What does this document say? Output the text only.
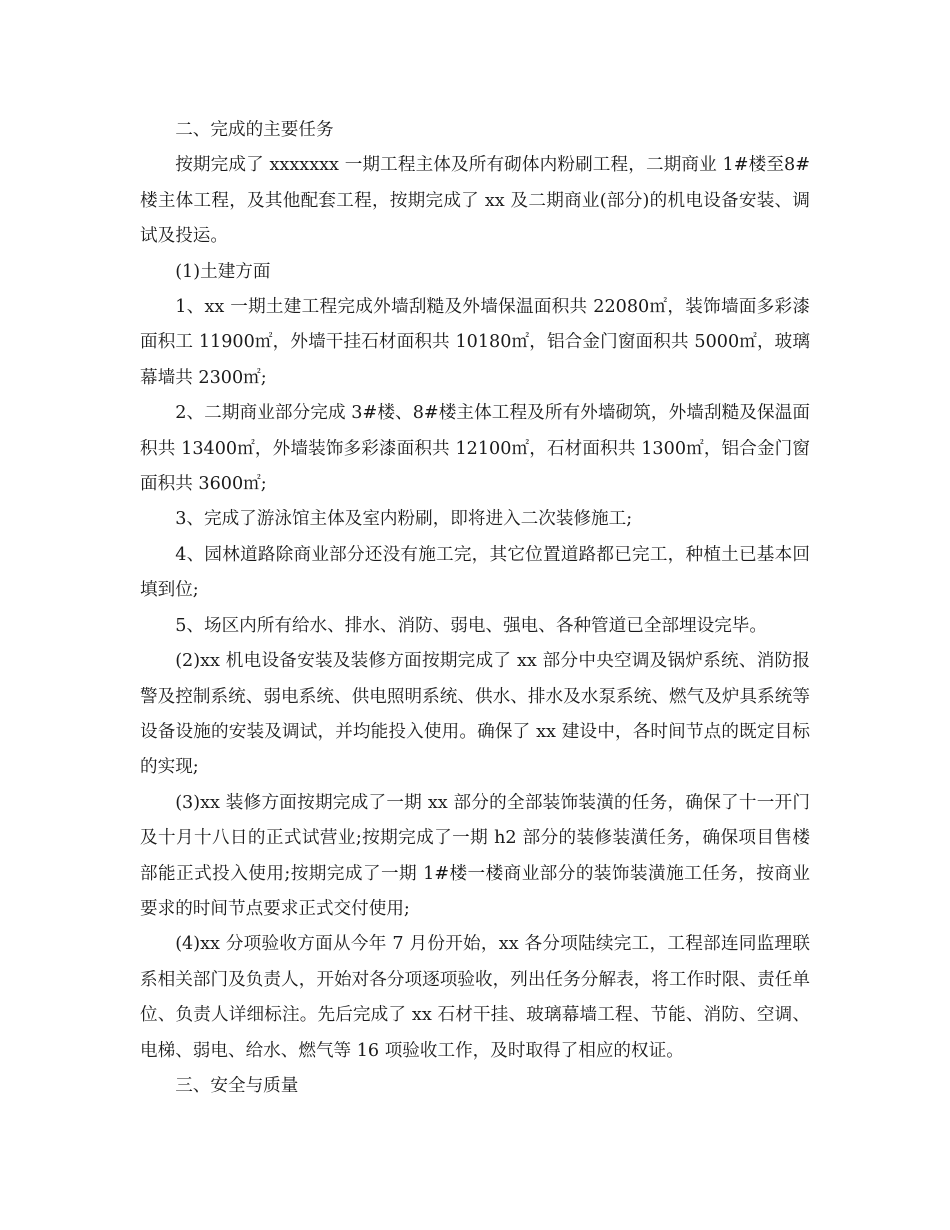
二、完成的主要任务

按期完成了 xxxxxxx 一期工程主体及所有砌体内粉刷工程，二期商业 1#楼至8#楼主体工程，及其他配套工程，按期完成了 xx 及二期商业(部分)的机电设备安装、调试及投运。

(1)土建方面

1、xx 一期土建工程完成外墙刮糙及外墙保温面积共 22080㎡，装饰墙面多彩漆面积工 11900㎡，外墙干挂石材面积共 10180㎡，铝合金门窗面积共 5000㎡，玻璃幕墙共 2300㎡;

2、二期商业部分完成 3#楼、8#楼主体工程及所有外墙砌筑，外墙刮糙及保温面积共 13400㎡，外墙装饰多彩漆面积共 12100㎡，石材面积共 1300㎡，铝合金门窗面积共 3600㎡;

3、完成了游泳馆主体及室内粉刷，即将进入二次装修施工;

4、园林道路除商业部分还没有施工完，其它位置道路都已完工，种植土已基本回填到位;

5、场区内所有给水、排水、消防、弱电、强电、各种管道已全部埋设完毕。

(2)xx 机电设备安装及装修方面按期完成了 xx 部分中央空调及锅炉系统、消防报警及控制系统、弱电系统、供电照明系统、供水、排水及水泵系统、燃气及炉具系统等设备设施的安装及调试，并均能投入使用。确保了 xx 建设中，各时间节点的既定目标的实现;

(3)xx 装修方面按期完成了一期 xx 部分的全部装饰装潢的任务，确保了十一开门及十月十八日的正式试营业;按期完成了一期 h2 部分的装修装潢任务，确保项目售楼部能正式投入使用;按期完成了一期 1#楼一楼商业部分的装饰装潢施工任务，按商业要求的时间节点要求正式交付使用;

(4)xx 分项验收方面从今年 7 月份开始，xx 各分项陆续完工，工程部连同监理联系相关部门及负责人，开始对各分项逐项验收，列出任务分解表，将工作时限、责任单位、负责人详细标注。先后完成了 xx 石材干挂、玻璃幕墙工程、节能、消防、空调、电梯、弱电、给水、燃气等 16 项验收工作，及时取得了相应的权证。

三、安全与质量
